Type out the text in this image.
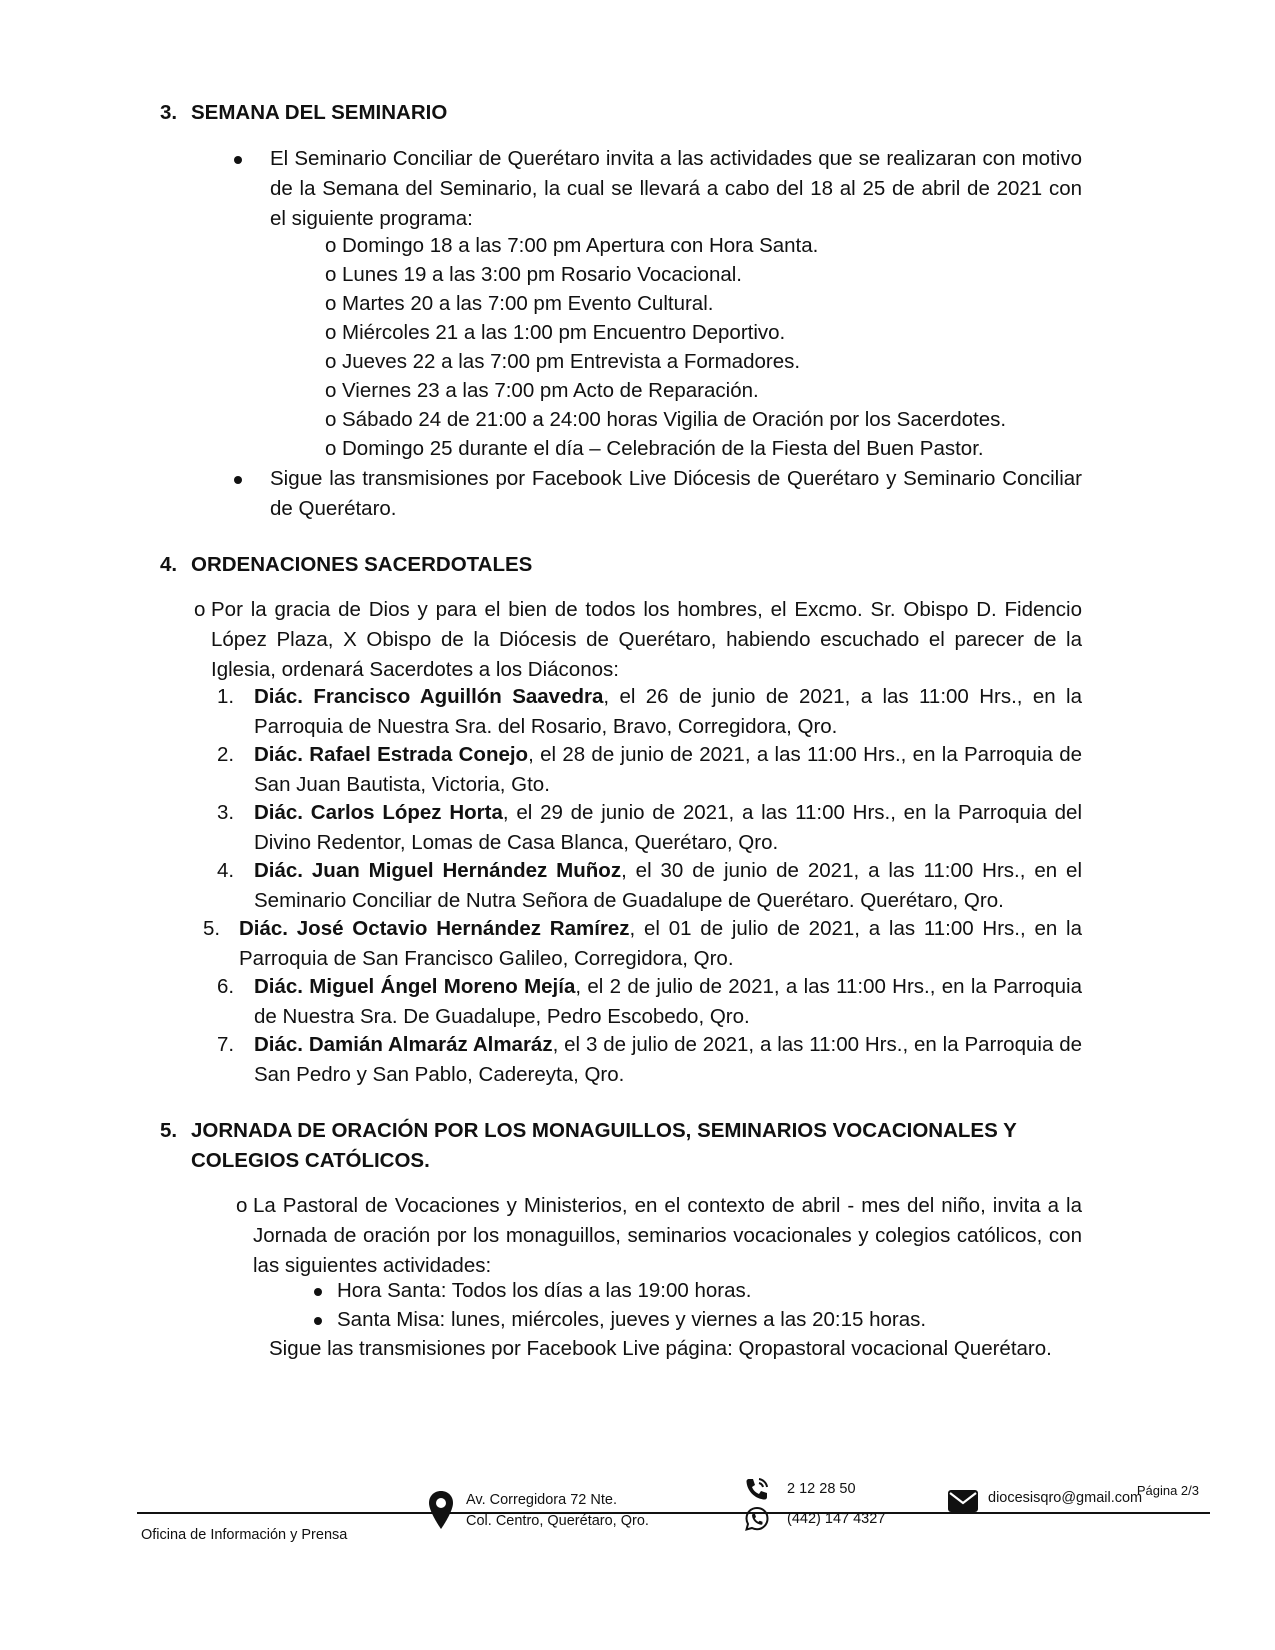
3. SEMANA DEL SEMINARIO
El Seminario Conciliar de Querétaro invita a las actividades que se realizaran con motivo de la Semana del Seminario, la cual se llevará a cabo del 18 al 25 de abril de 2021 con el siguiente programa:
o Domingo 18 a las 7:00 pm Apertura con Hora Santa.
o Lunes 19 a las 3:00 pm Rosario Vocacional.
o Martes 20 a las 7:00 pm Evento Cultural.
o Miércoles 21 a las 1:00 pm Encuentro Deportivo.
o Jueves 22 a las 7:00 pm Entrevista a Formadores.
o Viernes 23 a las 7:00 pm Acto de Reparación.
o Sábado 24 de 21:00 a 24:00 horas Vigilia de Oración por los Sacerdotes.
o Domingo 25 durante el día – Celebración de la Fiesta del Buen Pastor.
Sigue las transmisiones por Facebook Live Diócesis de Querétaro y Seminario Conciliar de Querétaro.
4. ORDENACIONES SACERDOTALES
o Por la gracia de Dios y para el bien de todos los hombres, el Excmo. Sr. Obispo D. Fidencio López Plaza, X Obispo de la Diócesis de Querétaro, habiendo escuchado el parecer de la Iglesia, ordenará Sacerdotes a los Diáconos:
1. Diác. Francisco Aguillón Saavedra, el 26 de junio de 2021, a las 11:00 Hrs., en la Parroquia de Nuestra Sra. del Rosario, Bravo, Corregidora, Qro.
2. Diác. Rafael Estrada Conejo, el 28 de junio de 2021, a las 11:00 Hrs., en la Parroquia de San Juan Bautista, Victoria, Gto.
3. Diác. Carlos López Horta, el 29 de junio de 2021, a las 11:00 Hrs., en la Parroquia del Divino Redentor, Lomas de Casa Blanca, Querétaro, Qro.
4. Diác. Juan Miguel Hernández Muñoz, el 30 de junio de 2021, a las 11:00 Hrs., en el Seminario Conciliar de Nutra Señora de Guadalupe de Querétaro. Querétaro, Qro.
5. Diác. José Octavio Hernández Ramírez, el 01 de julio de 2021, a las 11:00 Hrs., en la Parroquia de San Francisco Galileo, Corregidora, Qro.
6. Diác. Miguel Ángel Moreno Mejía, el 2 de julio de 2021, a las 11:00 Hrs., en la Parroquia de Nuestra Sra. De Guadalupe, Pedro Escobedo, Qro.
7. Diác. Damián Almaráz Almaráz, el 3 de julio de 2021, a las 11:00 Hrs., en la Parroquia de San Pedro y San Pablo, Cadereyta, Qro.
5. JORNADA DE ORACIÓN POR LOS MONAGUILLOS, SEMINARIOS VOCACIONALES Y COLEGIOS CATÓLICOS.
o La Pastoral de Vocaciones y Ministerios, en el contexto de abril - mes del niño, invita a la Jornada de oración por los monaguillos, seminarios vocacionales y colegios católicos, con las siguientes actividades:
Hora Santa: Todos los días a las 19:00 horas.
Santa Misa: lunes, miércoles, jueves y viernes a las 20:15 horas.
Sigue las transmisiones por Facebook Live página: Qropastoral vocacional Querétaro.
Página 2/3
Oficina de Información y Prensa
Av. Corregidora 72 Nte.
Col. Centro, Querétaro, Qro.
2 12 28 50
(442) 147 4327
diocesisqro@gmail.com
